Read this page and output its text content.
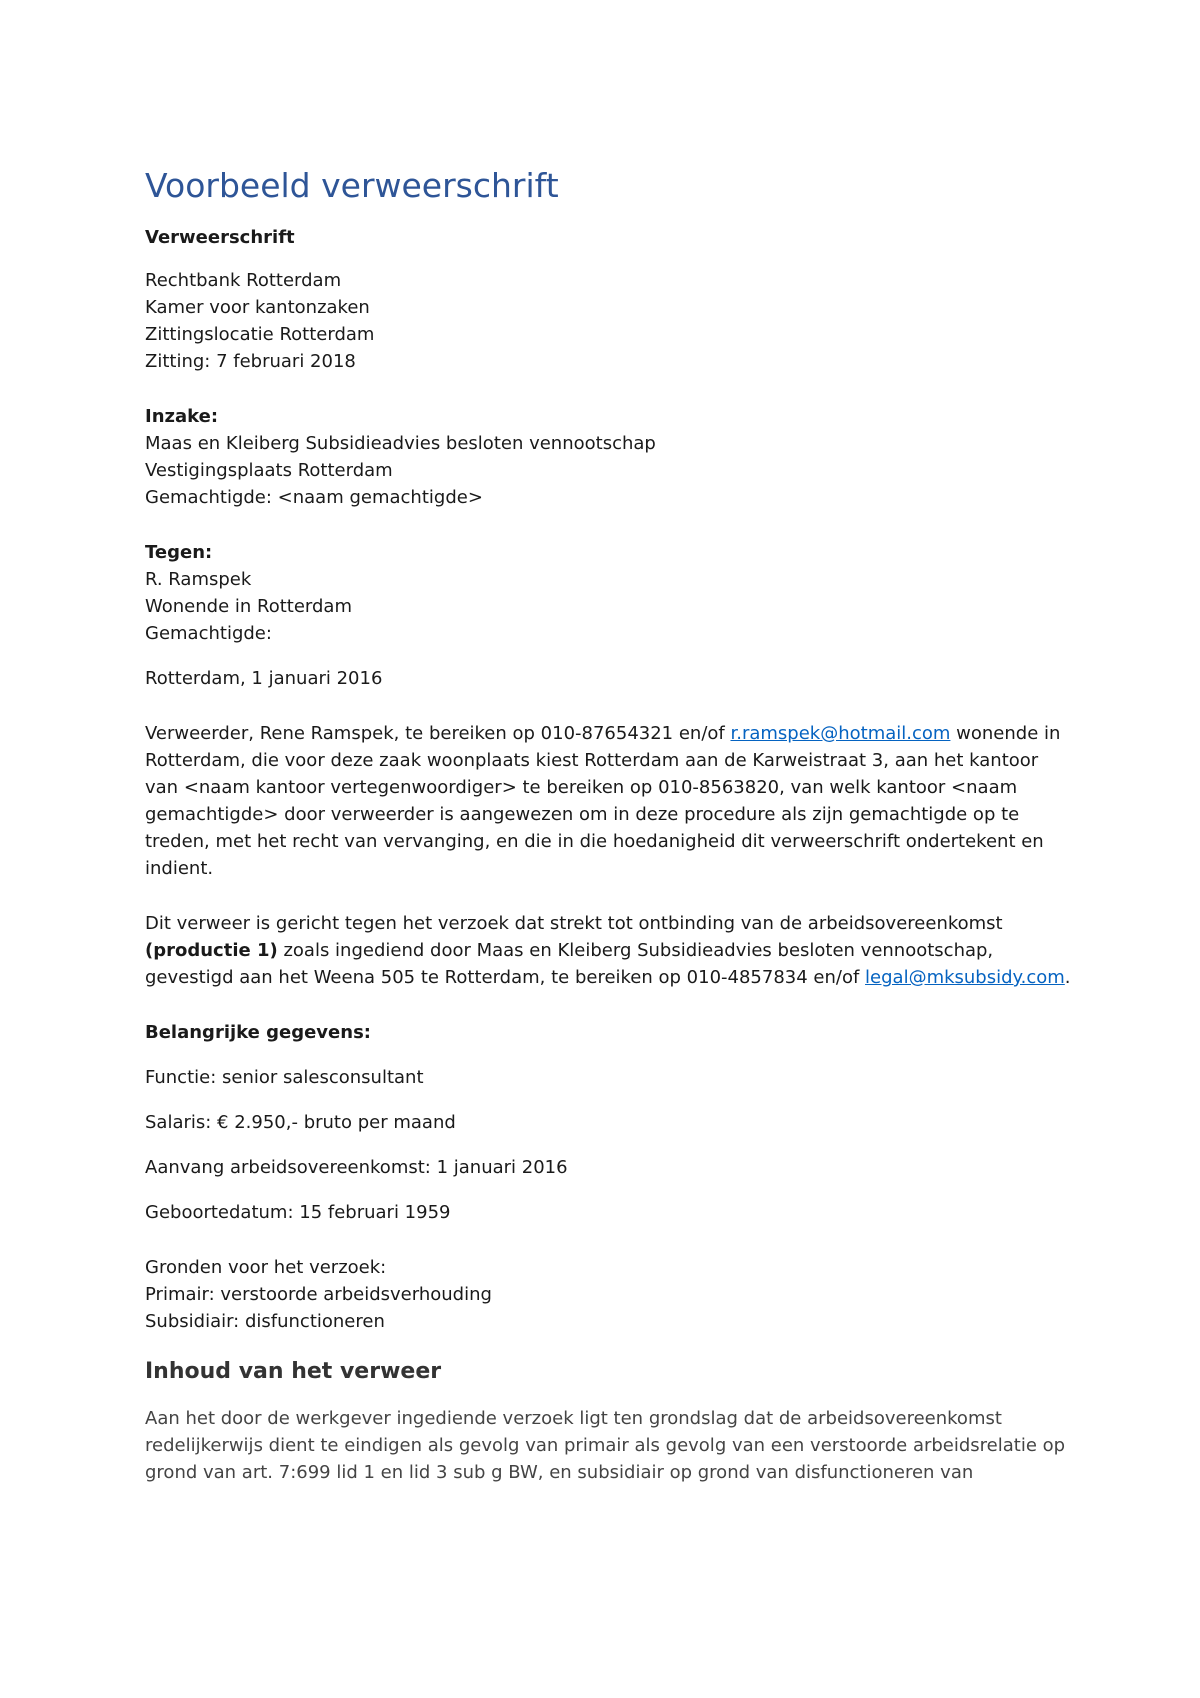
Voorbeeld verweerschrift
Verweerschrift

Rechtbank Rotterdam
Kamer voor kantonzaken
Zittingslocatie Rotterdam
Zitting: 7 februari 2018

Inzake:
Maas en Kleiberg Subsidieadvies besloten vennootschap
Vestigingsplaats Rotterdam
Gemachtigde: <naam gemachtigde>

Tegen:
R. Ramspek
Wonende in Rotterdam
Gemachtigde:

Rotterdam, 1 januari 2016

Verweerder, Rene Ramspek, te bereiken op 010-87654321 en/of r.ramspek@hotmail.com wonende in Rotterdam, die voor deze zaak woonplaats kiest Rotterdam aan de Karweistraat 3, aan het kantoor van <naam kantoor vertegenwoordiger> te bereiken op 010-8563820, van welk kantoor <naam gemachtigde> door verweerder is aangewezen om in deze procedure als zijn gemachtigde op te treden, met het recht van vervanging, en die in die hoedanigheid dit verweerschrift ondertekent en indient.

Dit verweer is gericht tegen het verzoek dat strekt tot ontbinding van de arbeidsovereenkomst (productie 1) zoals ingediend door Maas en Kleiberg Subsidieadvies besloten vennootschap, gevestigd aan het Weena 505 te Rotterdam, te bereiken op 010-4857834 en/of legal@mksubsidy.com.

Belangrijke gegevens:

Functie: senior salesconsultant

Salaris: € 2.950,- bruto per maand

Aanvang arbeidsovereenkomst: 1 januari 2016

Geboortedatum: 15 februari 1959

Gronden voor het verzoek:
Primair: verstoorde arbeidsverhouding
Subsidiair: disfunctioneren

Inhoud van het verweer

Aan het door de werkgever ingediende verzoek ligt ten grondslag dat de arbeidsovereenkomst redelijkerwijs dient te eindigen als gevolg van primair als gevolg van een verstoorde arbeidsrelatie op grond van art. 7:699 lid 1 en lid 3 sub g BW, en subsidiair op grond van disfunctioneren van
